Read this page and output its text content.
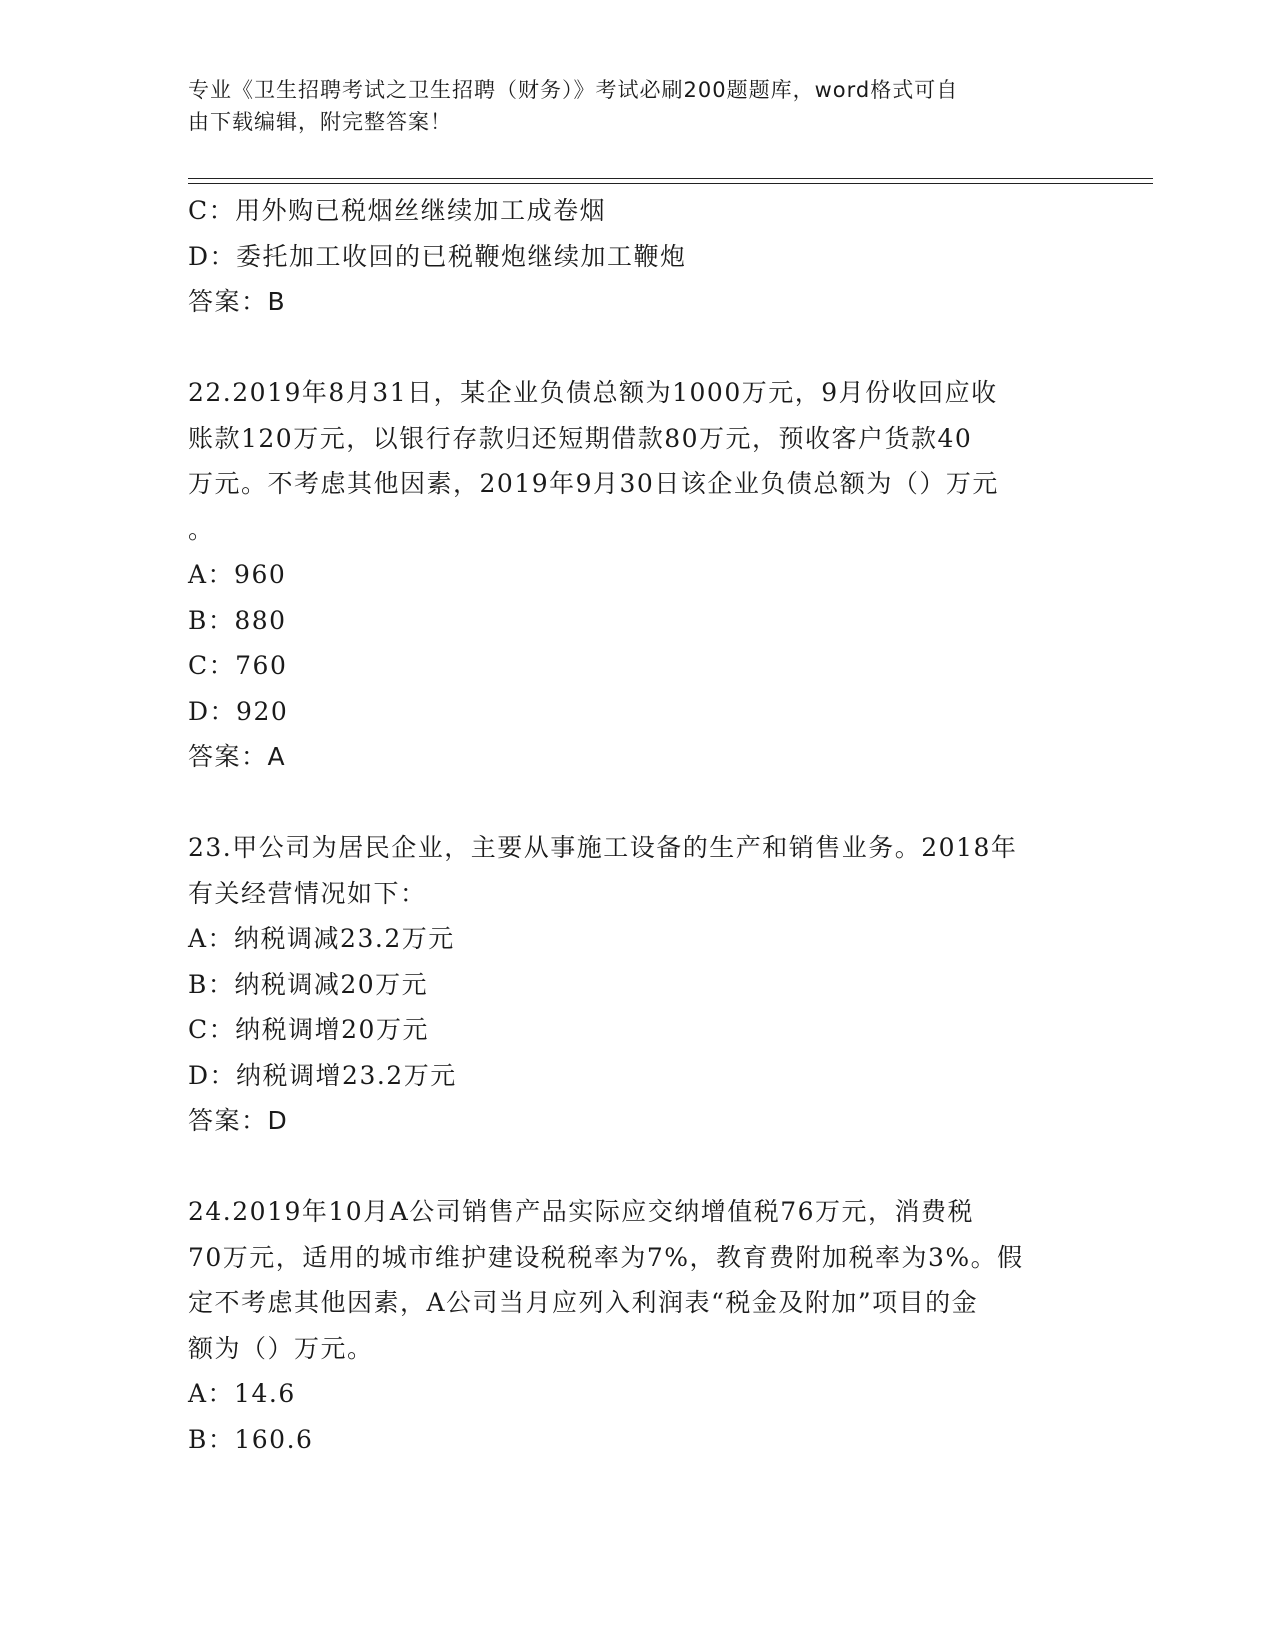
专业《卫生招聘考试之卫生招聘（财务）》考试必刷200题题库，word格式可自
由下载编辑，附完整答案！
C：用外购已税烟丝继续加工成卷烟
D：委托加工收回的已税鞭炮继续加工鞭炮
答案：B
22.2019年8月31日，某企业负债总额为1000万元，9月份收回应收
账款120万元，以银行存款归还短期借款80万元，预收客户货款40
万元。不考虑其他因素，2019年9月30日该企业负债总额为（）万元
。
A：960
B：880
C：760
D：920
答案：A
23.甲公司为居民企业，主要从事施工设备的生产和销售业务。2018年
有关经营情况如下：
A：纳税调减23.2万元
B：纳税调减20万元
C：纳税调增20万元
D：纳税调增23.2万元
答案：D
24.2019年10月A公司销售产品实际应交纳增值税76万元，消费税
70万元，适用的城市维护建设税税率为7%，教育费附加税率为3%。假
定不考虑其他因素，A公司当月应列入利润表“税金及附加”项目的金
额为（）万元。
A：14.6
B：160.6
